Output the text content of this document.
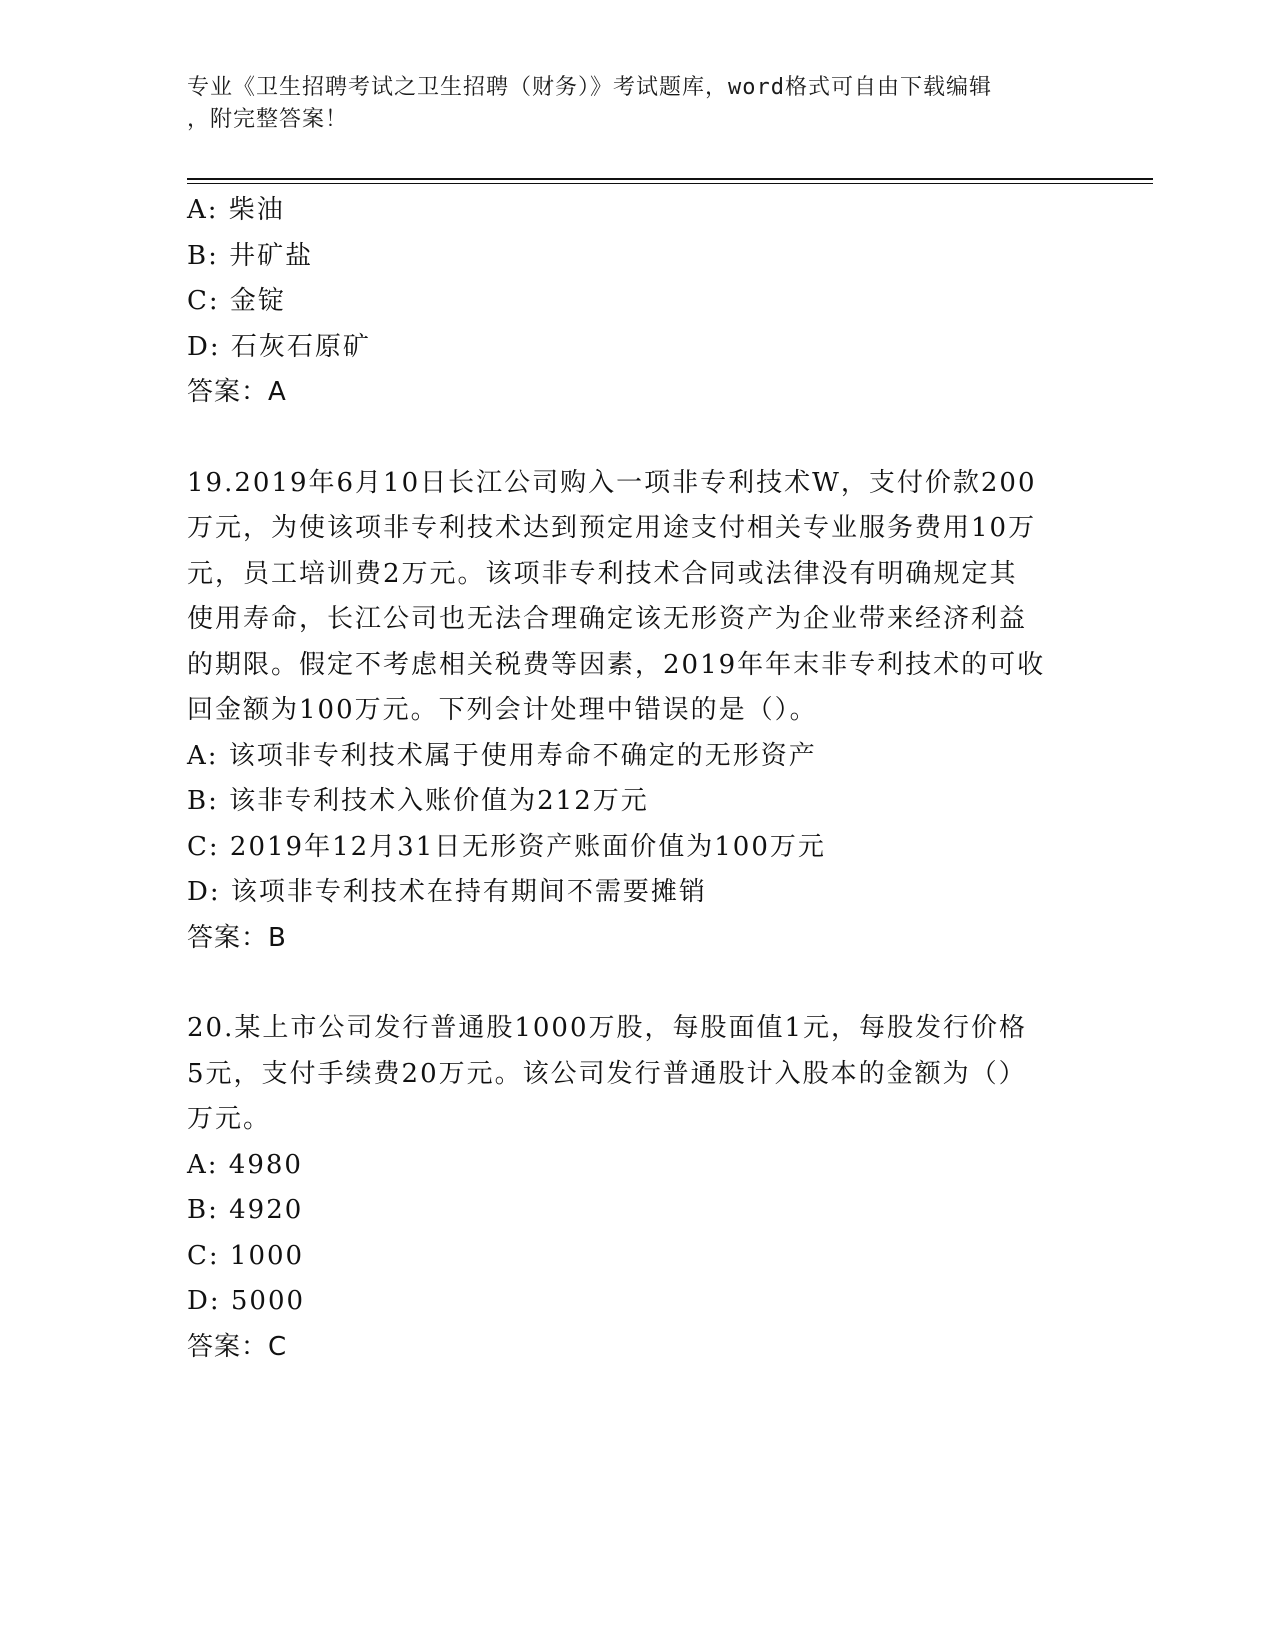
专业《卫生招聘考试之卫生招聘（财务）》考试题库，word格式可自由下载编辑
，附完整答案！
A: 柴油
B: 井矿盐
C: 金锭
D: 石灰石原矿
答案：A
19.2019年6月10日长江公司购入一项非专利技术W，支付价款200
万元，为使该项非专利技术达到预定用途支付相关专业服务费用10万
元，员工培训费2万元。该项非专利技术合同或法律没有明确规定其
使用寿命，长江公司也无法合理确定该无形资产为企业带来经济利益
的期限。假定不考虑相关税费等因素，2019年年末非专利技术的可收
回金额为100万元。下列会计处理中错误的是（）。
A: 该项非专利技术属于使用寿命不确定的无形资产
B: 该非专利技术入账价值为212万元
C: 2019年12月31日无形资产账面价值为100万元
D: 该项非专利技术在持有期间不需要摊销
答案：B
20.某上市公司发行普通股1000万股，每股面值1元，每股发行价格
5元，支付手续费20万元。该公司发行普通股计入股本的金额为（）
万元。
A: 4980
B: 4920
C: 1000
D: 5000
答案：C
